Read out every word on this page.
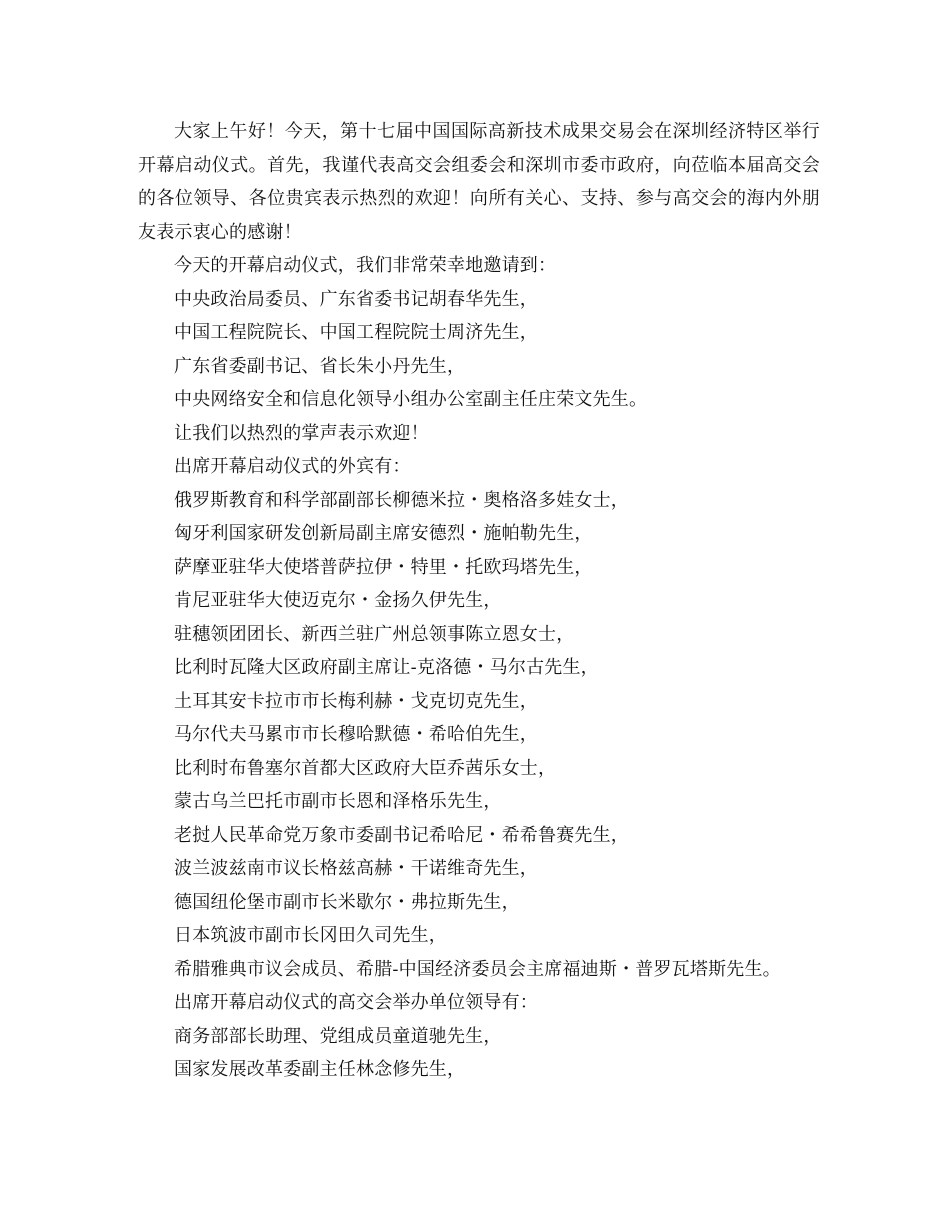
大家上午好！今天，第十七届中国国际高新技术成果交易会在深圳经济特区举行开幕启动仪式。首先，我谨代表高交会组委会和深圳市委市政府，向莅临本届高交会的各位领导、各位贵宾表示热烈的欢迎！向所有关心、支持、参与高交会的海内外朋友表示衷心的感谢！

今天的开幕启动仪式，我们非常荣幸地邀请到：
中央政治局委员、广东省委书记胡春华先生，
中国工程院院长、中国工程院院士周济先生，
广东省委副书记、省长朱小丹先生，
中央网络安全和信息化领导小组办公室副主任庄荣文先生。
让我们以热烈的掌声表示欢迎！
出席开幕启动仪式的外宾有：
俄罗斯教育和科学部副部长柳德米拉・奥格洛多娃女士，
匈牙利国家研发创新局副主席安德烈・施帕勒先生，
萨摩亚驻华大使塔普萨拉伊・特里・托欧玛塔先生，
肯尼亚驻华大使迈克尔・金扬久伊先生，
驻穗领团团长、新西兰驻广州总领事陈立恩女士，
比利时瓦隆大区政府副主席让-克洛德・马尔古先生，
土耳其安卡拉市市长梅利赫・戈克切克先生，
马尔代夫马累市市长穆哈默德・希哈伯先生，
比利时布鲁塞尔首都大区政府大臣乔茜乐女士，
蒙古乌兰巴托市副市长恩和泽格乐先生，
老挝人民革命党万象市委副书记希哈尼・希希鲁赛先生，
波兰波兹南市议长格兹高赫・干诺维奇先生，
德国纽伦堡市副市长米歇尔・弗拉斯先生，
日本筑波市副市长冈田久司先生，
希腊雅典市议会成员、希腊-中国经济委员会主席福迪斯・普罗瓦塔斯先生。
出席开幕启动仪式的高交会举办单位领导有：
商务部部长助理、党组成员童道驰先生，
国家发展改革委副主任林念修先生，
